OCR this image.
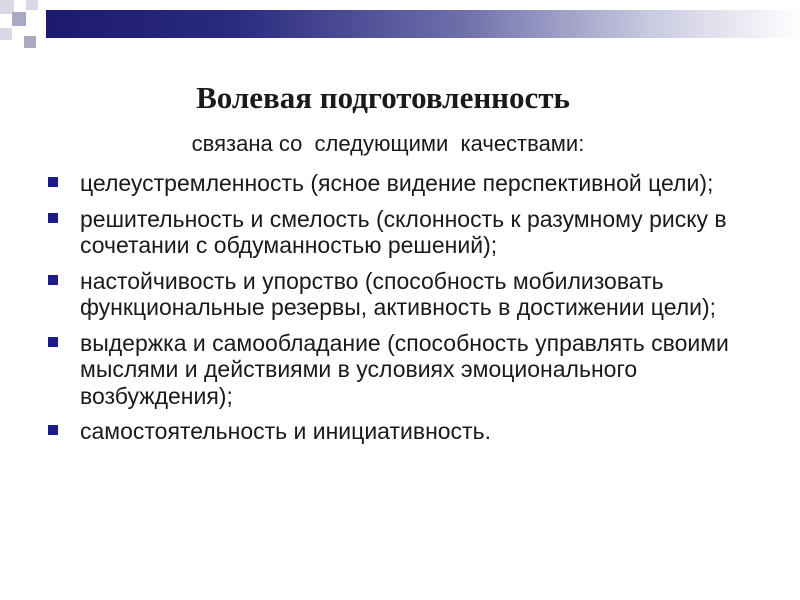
Волевая подготовленность
связана со  следующими  качествами:
целеустремленность (ясное видение перспективной цели);
решительность и смелость (склонность к разумному риску в сочетании с обдуманностью решений);
настойчивость и упорство (способность мобилизовать функциональные резервы, активность в достижении цели);
выдержка и самообладание (способность управлять своими мыслями и действиями в условиях эмоционального возбуждения);
самостоятельность и инициативность.
